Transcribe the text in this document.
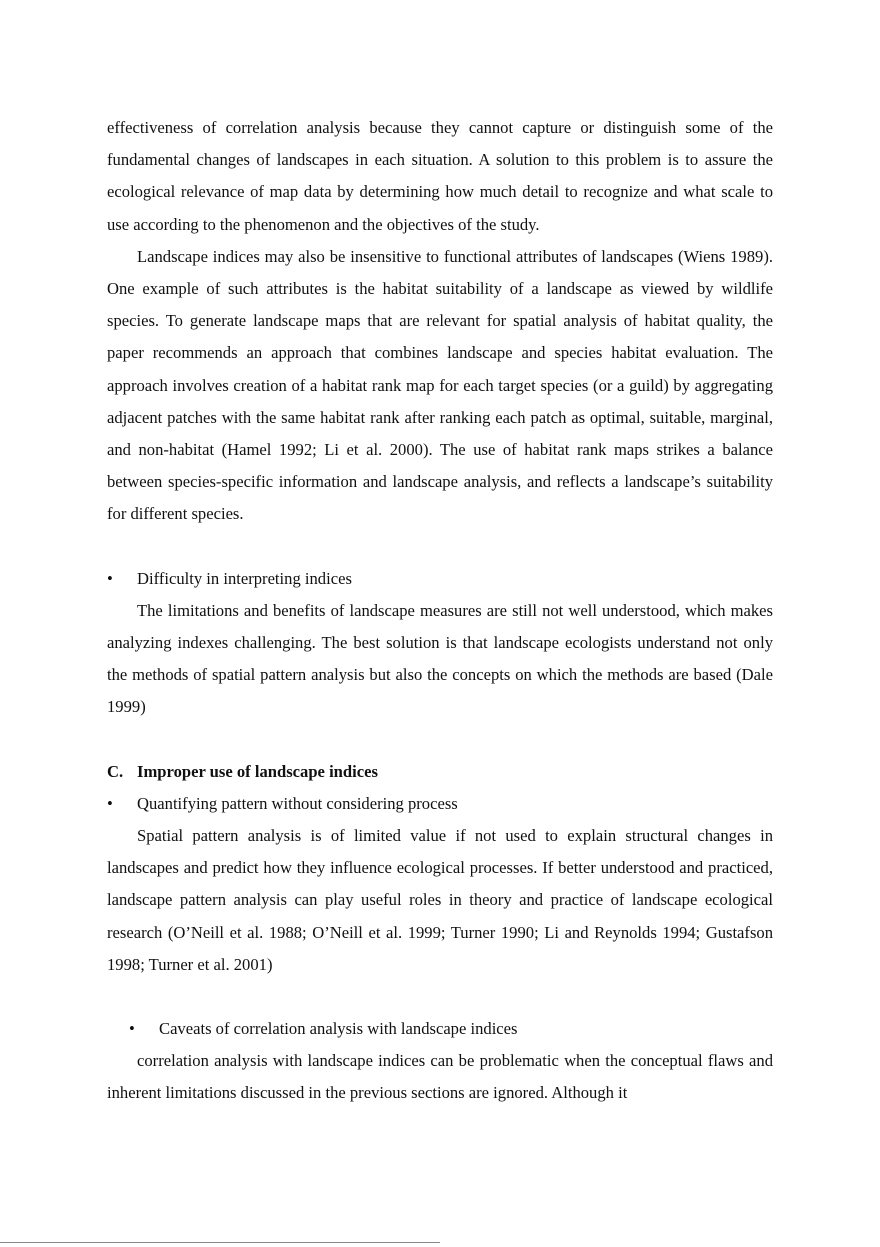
effectiveness of correlation analysis because they cannot capture or distinguish some of the fundamental changes of landscapes in each situation. A solution to this problem is to assure the ecological relevance of map data by determining how much detail to recognize and what scale to use according to the phenomenon and the objectives of the study.

Landscape indices may also be insensitive to functional attributes of landscapes (Wiens 1989). One example of such attributes is the habitat suitability of a landscape as viewed by wildlife species. To generate landscape maps that are relevant for spatial analysis of habitat quality, the paper recommends an approach that combines landscape and species habitat evaluation. The approach involves creation of a habitat rank map for each target species (or a guild) by aggregating adjacent patches with the same habitat rank after ranking each patch as optimal, suitable, marginal, and non-habitat (Hamel 1992; Li et al. 2000). The use of habitat rank maps strikes a balance between species-specific information and landscape analysis, and reflects a landscape’s suitability for different species.

•	Difficulty in interpreting indices

The limitations and benefits of landscape measures are still not well understood, which makes analyzing indexes challenging. The best solution is that landscape ecologists understand not only the methods of spatial pattern analysis but also the concepts on which the methods are based (Dale 1999)

C. Improper use of landscape indices

•	Quantifying pattern without considering process

Spatial pattern analysis is of limited value if not used to explain structural changes in landscapes and predict how they influence ecological processes. If better understood and practiced, landscape pattern analysis can play useful roles in theory and practice of landscape ecological research (O’Neill et al. 1988; O’Neill et al. 1999; Turner 1990; Li and Reynolds 1994; Gustafson 1998; Turner et al. 2001)

•	Caveats of correlation analysis with landscape indices

correlation analysis with landscape indices can be problematic when the conceptual flaws and inherent limitations discussed in the previous sections are ignored. Although it
